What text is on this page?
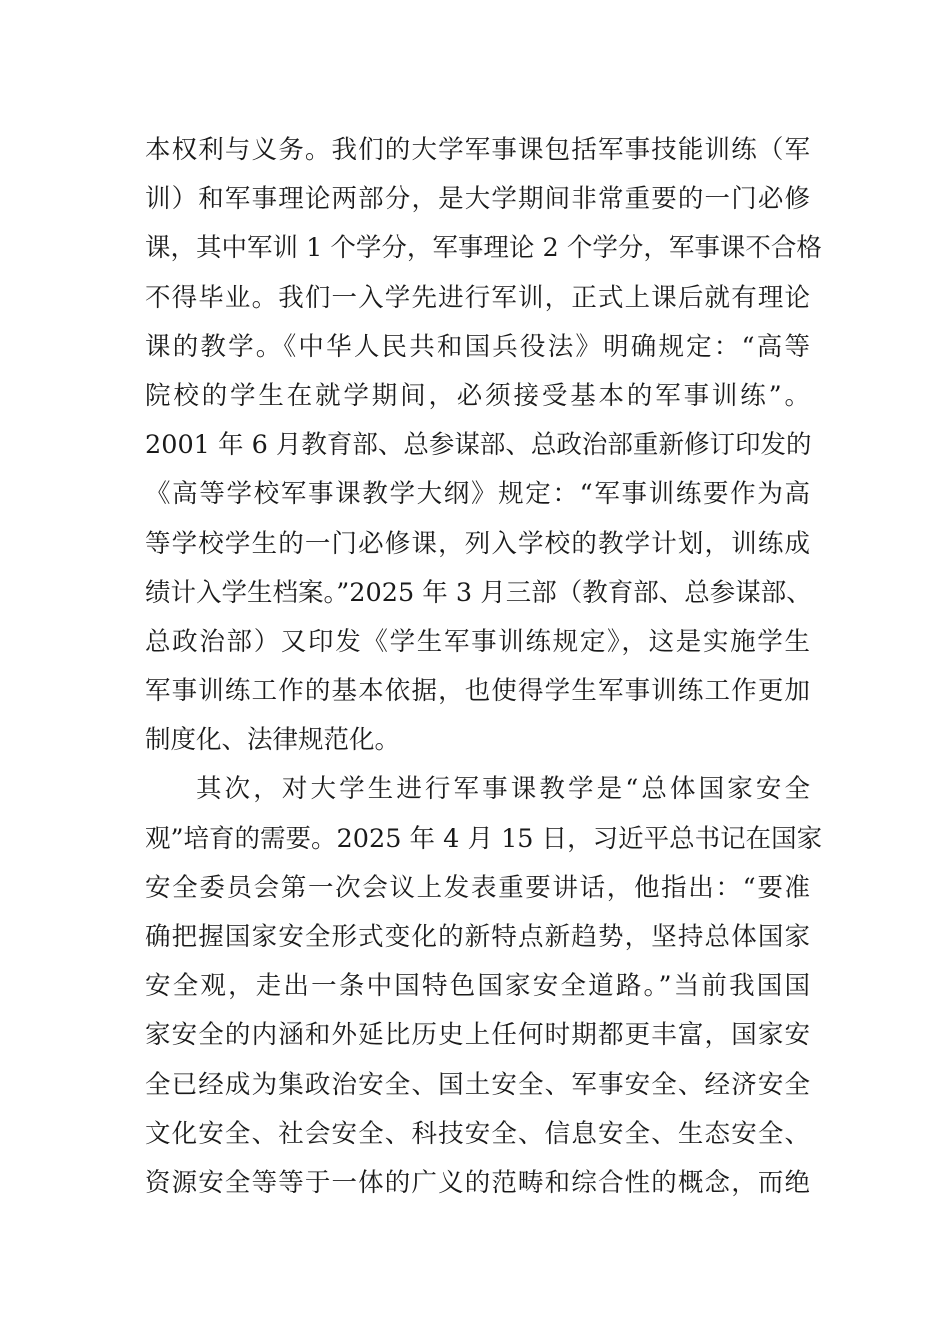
本权利与义务。我们的大学军事课包括军事技能训练（军
训）和军事理论两部分，是大学期间非常重要的一门必修
课，其中军训 1 个学分，军事理论 2 个学分，军事课不合格
不得毕业。我们一入学先进行军训，正式上课后就有理论
课的教学。《中华人民共和国兵役法》明确规定：“高等
院校的学生在就学期间，必须接受基本的军事训练”。
2001 年 6 月教育部、总参谋部、总政治部重新修订印发的
《高等学校军事课教学大纲》规定：“军事训练要作为高
等学校学生的一门必修课，列入学校的教学计划，训练成
绩计入学生档案。”2025 年 3 月三部（教育部、总参谋部、
总政治部）又印发《学生军事训练规定》，这是实施学生
军事训练工作的基本依据，也使得学生军事训练工作更加
制度化、法律规范化。
其次，对大学生进行军事课教学是“总体国家安全
观”培育的需要。2025 年 4 月 15 日，习近平总书记在国家
安全委员会第一次会议上发表重要讲话，他指出：“要准
确把握国家安全形式变化的新特点新趋势，坚持总体国家
安全观，走出一条中国特色国家安全道路。”当前我国国
家安全的内涵和外延比历史上任何时期都更丰富，国家安
全已经成为集政治安全、国土安全、军事安全、经济安全
文化安全、社会安全、科技安全、信息安全、生态安全、
资源安全等等于一体的广义的范畴和综合性的概念，而绝
